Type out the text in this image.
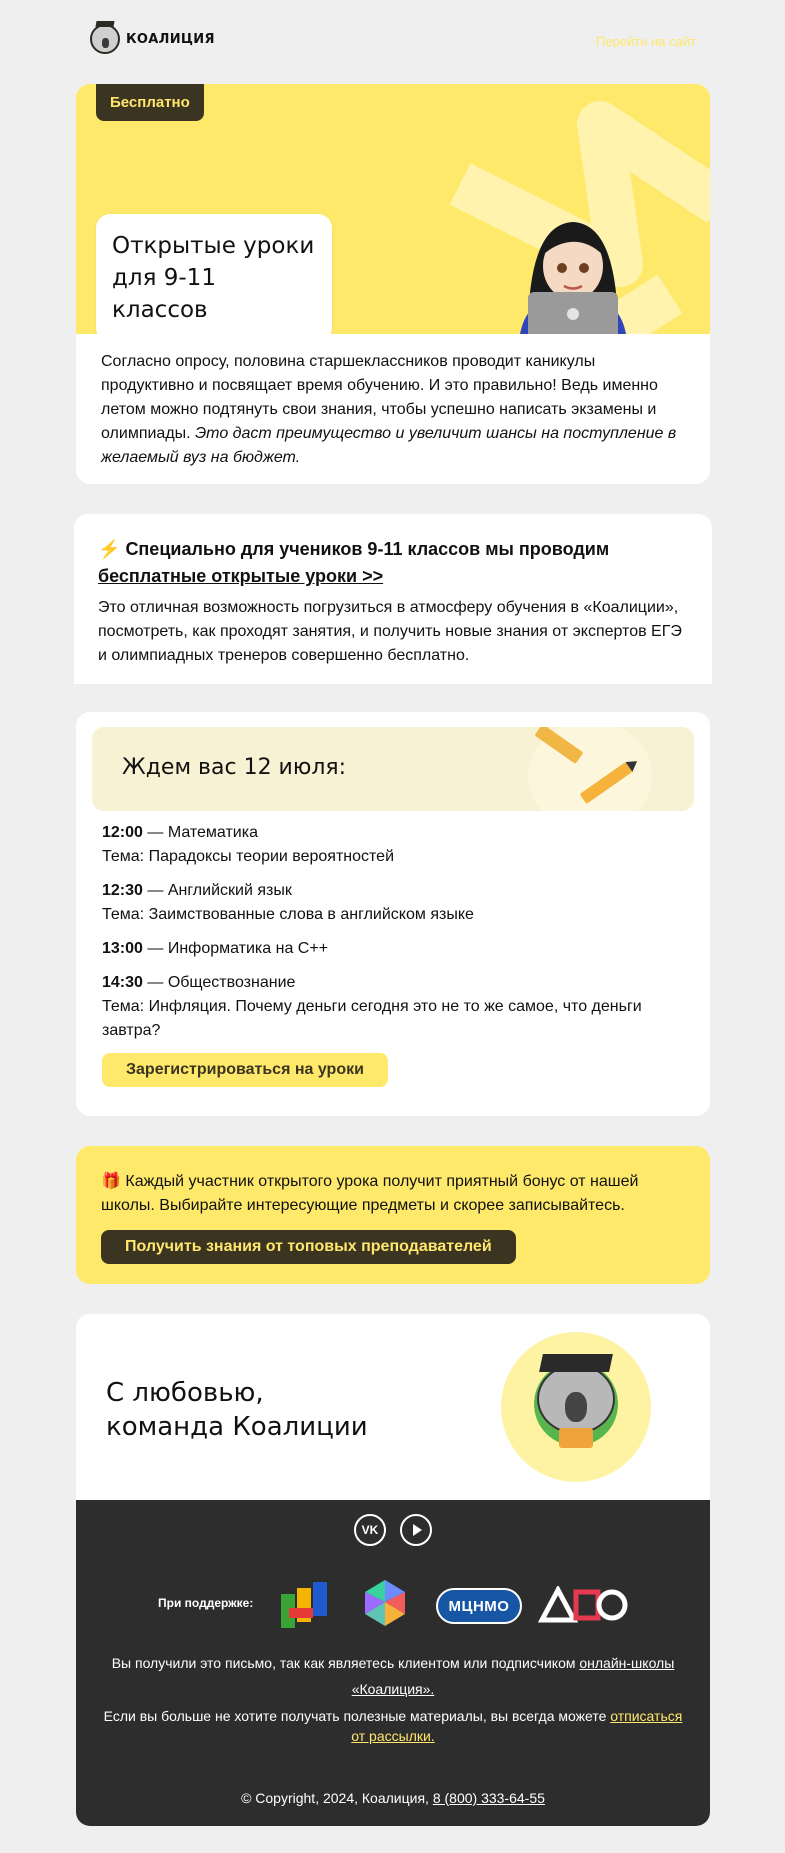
КОАЛИЦИЯ	Перейти на сайт
Бесплатно
Открытые уроки
для 9-11 классов

Согласно опросу, половина старшеклассников проводит каникулы продуктивно и посвящает время обучению. И это правильно! Ведь именно летом можно подтянуть свои знания, чтобы успешно написать экзамены и олимпиады. Это даст преимущество и увеличит шансы на поступление в желаемый вуз на бюджет.

⚡ Специально для учеников 9-11 классов мы проводим
бесплатные открытые уроки >>

Это отличная возможность погрузиться в атмосферу обучения в «Коалиции», посмотреть, как проходят занятия, и получить новые знания от экспертов ЕГЭ и олимпиадных тренеров совершенно бесплатно.

Ждем вас 12 июля:
12:00 — Математика
Тема: Парадоксы теории вероятностей
12:30 — Английский язык
Тема: Заимствованные слова в английском языке
13:00 — Информатика на С++
14:30 — Обществознание
Тема: Инфляция. Почему деньги сегодня это не то же самое, что деньги завтра?
Зарегистрироваться на уроки

🎁 Каждый участник открытого урока получит приятный бонус от нашей школы. Выбирайте интересующие предметы и скорее записывайтесь.

Получить знания от топовых преподавателей
С любовью,
команда Коалиции
VK
При поддержке:	МЦНМО

Вы получили это письмо, так как являетесь клиентом или подписчиком онлайн-школы «Коалиция».

Если вы больше не хотите получать полезные материалы, вы всегда можете отписаться от рассылки.

© Copyright, 2024, Коалиция, 8 (800) 333-64-55
